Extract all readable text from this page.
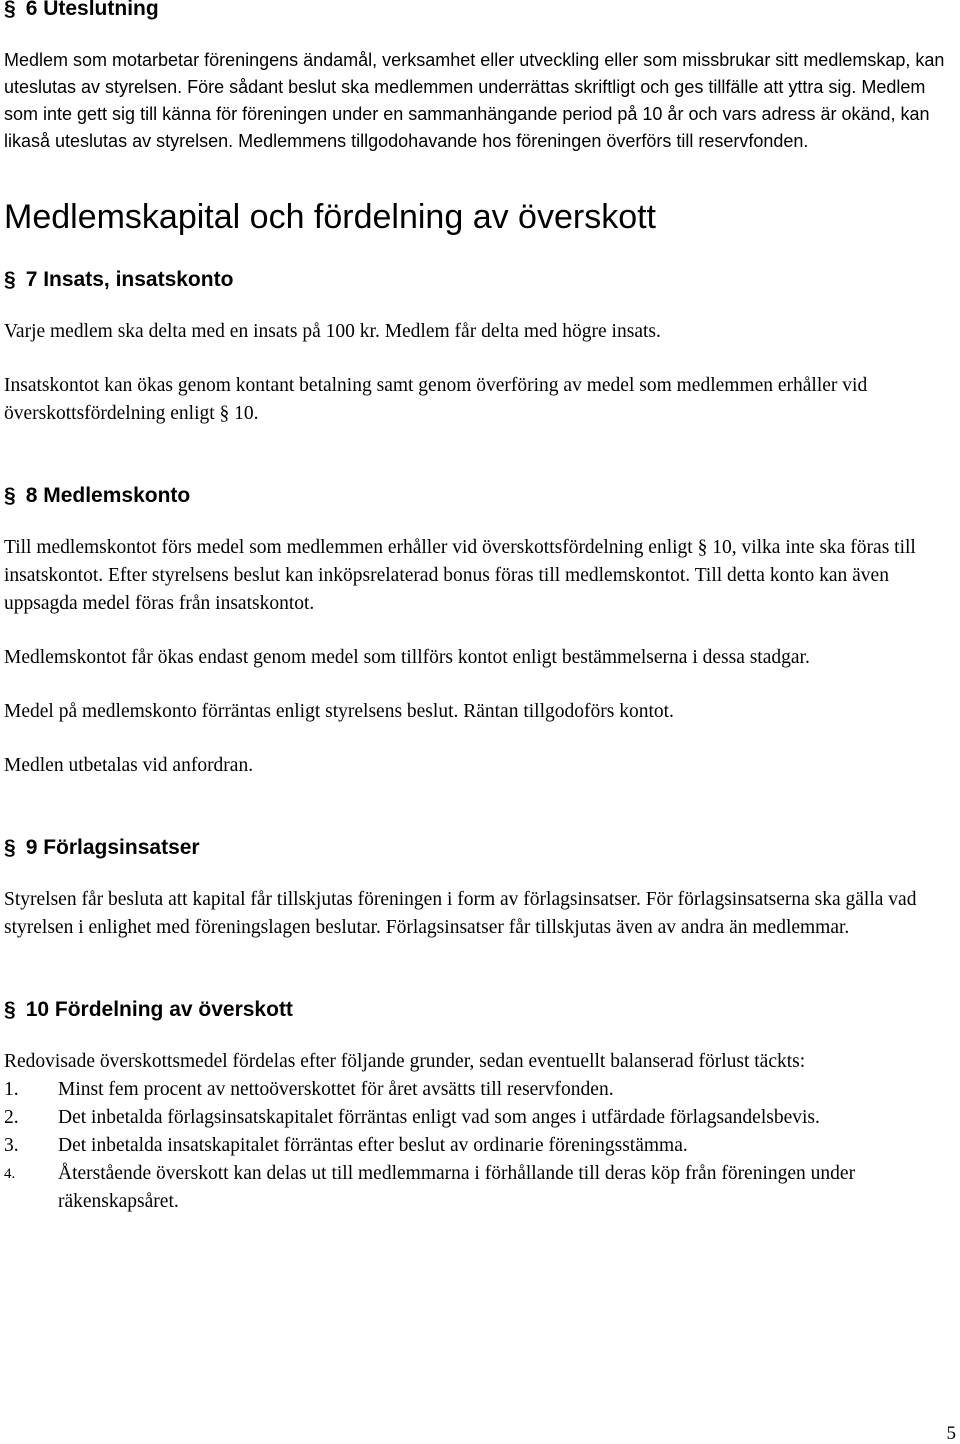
§ 6 Uteslutning

Medlem som motarbetar föreningens ändamål, verksamhet eller utveckling eller som missbrukar sitt medlemskap, kan uteslutas av styrelsen. Före sådant beslut ska medlemmen underrättas skriftligt och ges tillfälle att yttra sig. Medlem som inte gett sig till känna för föreningen under en sammanhängande period på 10 år och vars adress är okänd, kan likaså uteslutas av styrelsen. Medlemmens tillgodohavande hos föreningen överförs till reservfonden.

Medlemskapital och fördelning av överskott
§ 7 Insats, insatskonto

Varje medlem ska delta med en insats på 100 kr. Medlem får delta med högre insats.

Insatskontot kan ökas genom kontant betalning samt genom överföring av medel som medlemmen erhåller vid överskottsfördelning enligt § 10.

§ 8 Medlemskonto

Till medlemskontot förs medel som medlemmen erhåller vid överskottsfördelning enligt § 10, vilka inte ska föras till insatskontot. Efter styrelsens beslut kan inköpsrelaterad bonus föras till medlemskontot. Till detta konto kan även uppsagda medel föras från insatskontot.

Medlemskontot får ökas endast genom medel som tillförs kontot enligt bestämmelserna i dessa stadgar.

Medel på medlemskonto förräntas enligt styrelsens beslut. Räntan tillgodoförs kontot.

Medlen utbetalas vid anfordran.

§ 9 Förlagsinsatser

Styrelsen får besluta att kapital får tillskjutas föreningen i form av förlagsinsatser. För förlagsinsatserna ska gälla vad styrelsen i enlighet med föreningslagen beslutar. Förlagsinsatser får tillskjutas även av andra än medlemmar.

§ 10 Fördelning av överskott

Redovisade överskottsmedel fördelas efter följande grunder, sedan eventuellt balanserad förlust täckts:

1.	Minst fem procent av nettoöverskottet för året avsätts till reservfonden.
2.	Det inbetalda förlagsinsatskapitalet förräntas enligt vad som anges i utfärdade förlagsandelsbevis.
3.	Det inbetalda insatskapitalet förräntas efter beslut av ordinarie föreningsstämma.
4.	Återstående överskott kan delas ut till medlemmarna i förhållande till deras köp från föreningen under räkenskapsåret.
5
